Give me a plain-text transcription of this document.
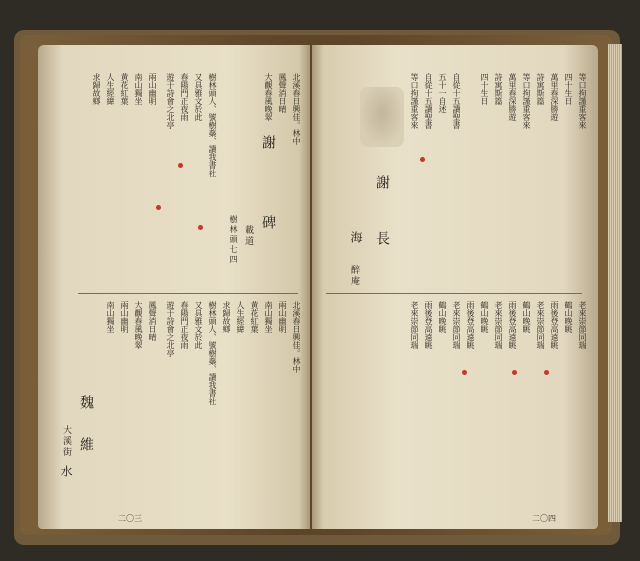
北溪春日興佳。林中
鳳聲消日晴
大觀春風晚翠
謝
碑
載道
樹林頭七四
樹林頭人、號樹蘂、讀我書社
又具雅文於此
春陽門正夜雨
遊于詩會之北亭
兩山幽明
南山獨坐
黄花紅葉
人生經緯
求歸故鄉
北溪春日興佳。林中
兩山幽明
南山獨坐
黄花紅葉
人生經緯
求歸故鄉
樹林頭人、號樹蘂、讀我書社
又具雅文於此
春陽門正夜雨
遊于詩會之北亭
鳳聲消日晴
大觀春風晚翠
兩山幽明
南山獨坐
二〇三
等口拘謹重客來
四十生日
萬里春深勝遊
詩寓斯篇
等口拘謹重客來
萬里春深勝遊
詩寓斯篇
四十生日
自從十五讀聖書
五十一自述
自從十五讀聖書
等口拘謹重客來
謝
長
海
醉庵
老來崇節同瑞
鶴山晚眺
雨後登高遠眺
老來崇節同瑞
鶴山晚眺
雨後登高遠眺
老來崇節同瑞
鶴山晚眺
雨後登高遠眺
老來崇節同瑞
鶴山晚眺
雨後登高遠眺
老來崇節同瑞
二〇四
魏
維
水
大溪街
